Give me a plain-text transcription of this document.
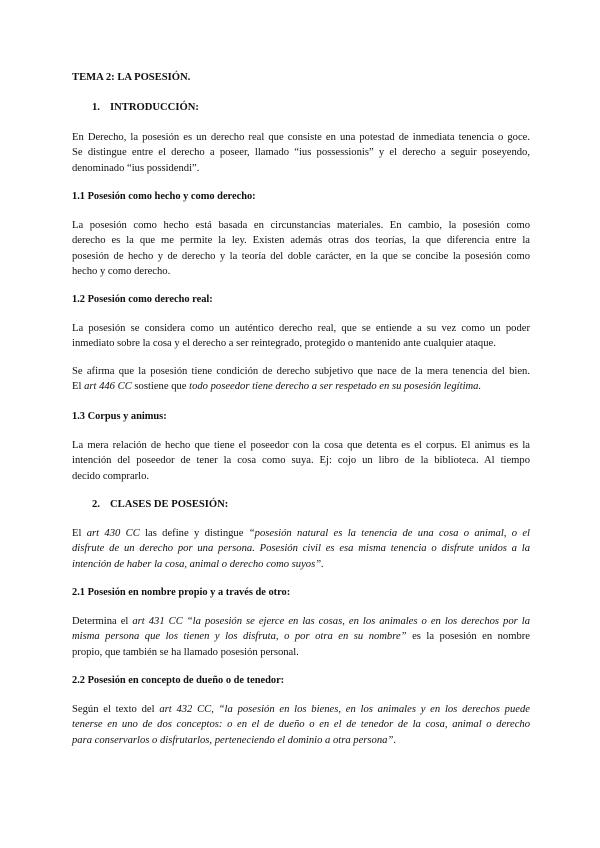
TEMA 2: LA POSESIÓN.
1. INTRODUCCIÓN:
En Derecho, la posesión es un derecho real que consiste en una potestad de inmediata tenencia o goce.
Se distingue entre el derecho a poseer, llamado “ius possessionis” y el derecho a seguir poseyendo,
denominado “ius possidendi”.
1.1 Posesión como hecho y como derecho:
La posesión como hecho está basada en circunstancias materiales. En cambio, la posesión como
derecho es la que me permite la ley. Existen además otras dos teorías, la que diferencia entre la
posesión de hecho y de derecho y la teoría del doble carácter, en la que se concibe la posesión como
hecho y como derecho.
1.2 Posesión como derecho real:
La posesión se considera como un auténtico derecho real, que se entiende a su vez como un poder
inmediato sobre la cosa y el derecho a ser reintegrado, protegido o mantenido ante cualquier ataque.
Se afirma que la posesión tiene condición de derecho subjetivo que nace de la mera tenencia del bien.
El art 446 CC sostiene que todo poseedor tiene derecho a ser respetado en su posesión legítima.
1.3 Corpus y animus:
La mera relación de hecho que tiene el poseedor con la cosa que detenta es el corpus. El animus es la
intención del poseedor de tener la cosa como suya. Ej: cojo un libro de la biblioteca. Al tiempo
decido comprarlo.
2. CLASES DE POSESIÓN:
El art 430 CC las define y distingue “posesión natural es la tenencia de una cosa o animal, o el
disfrute de un derecho por una persona. Posesión civil es esa misma tenencia o disfrute unidos a la
intención de haber la cosa, animal o derecho como suyos”.
2.1 Posesión en nombre propio y a través de otro:
Determina el art 431 CC “la posesión se ejerce en las cosas, en los animales o en los derechos por la
misma persona que los tienen y los disfruta, o por otra en su nombre” es la posesión en nombre
propio, que también se ha llamado posesión personal.
2.2 Posesión en concepto de dueño o de tenedor:
Según el texto del art 432 CC, “la posesión en los bienes, en los animales y en los derechos puede
tenerse en uno de dos conceptos: o en el de dueño o en el de tenedor de la cosa, animal o derecho
para conservarlos o disfrutarlos, perteneciendo el dominio a otra persona”.
